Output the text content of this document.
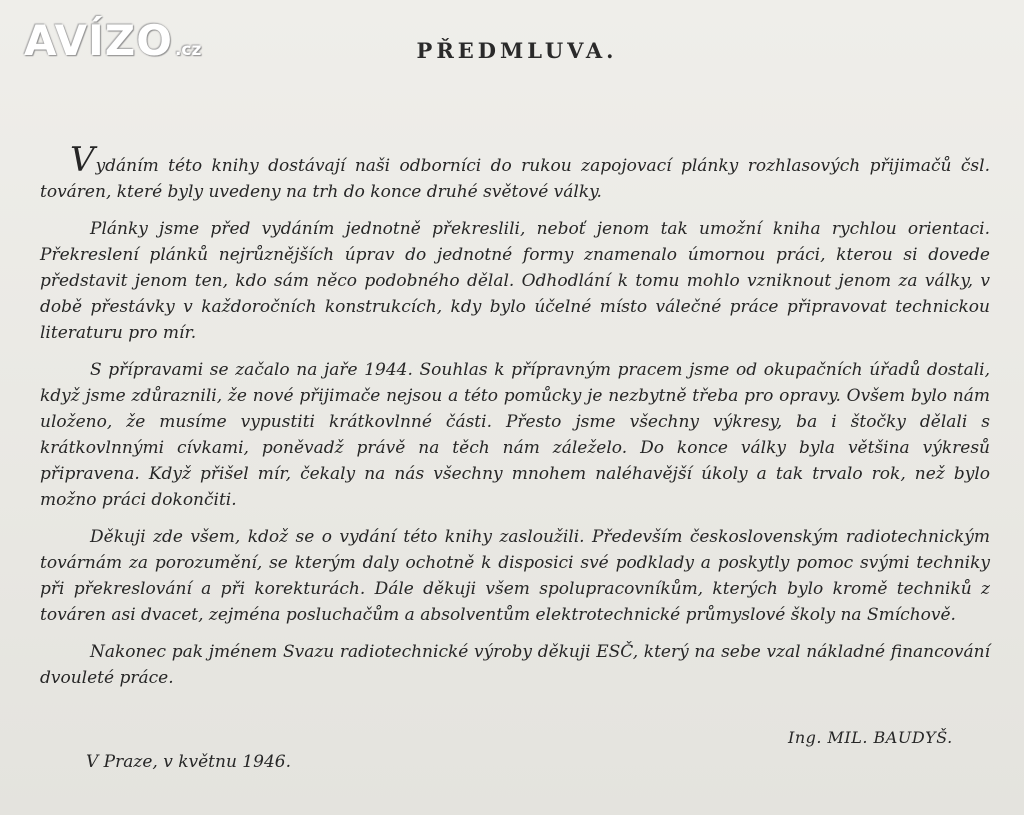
AVÍZO .cz	PŘEDMLUVA.

Vydáním této knihy dostávají naši odborníci do rukou zapojovací plánky rozhlasových přijimačů čsl. továren, které byly uvedeny na trh do konce druhé světové války.

Plánky jsme před vydáním jednotně překreslili, neboť jenom tak umožní kniha rychlou orientaci. Překreslení plánků nejrůznějších úprav do jednotné formy znamenalo úmornou práci, kterou si dovede představit jenom ten, kdo sám něco podobného dělal. Odhodlání k tomu mohlo vzniknout jenom za války, v době přestávky v každoročních konstrukcích, kdy bylo účelné místo válečné práce připravovat technickou literaturu pro mír.

S přípravami se začalo na jaře 1944. Souhlas k přípravným pracem jsme od okupačních úřadů dostali, když jsme zdůraznili, že nové přijimače nejsou a této pomůcky je nezbytně třeba pro opravy. Ovšem bylo nám uloženo, že musíme vypustiti krátkovlnné části. Přesto jsme všechny výkresy, ba i štočky dělali s krátkovlnnými cívkami, poněvadž právě na těch nám záleželo. Do konce války byla většina výkresů připravena. Když přišel mír, čekaly na nás všechny mnohem naléhavější úkoly a tak trvalo rok, než bylo možno práci dokončiti.

Děkuji zde všem, kdož se o vydání této knihy zasloužili. Především československým radiotechnickým továrnám za porozumění, se kterým daly ochotně k disposici své podklady a poskytly pomoc svými techniky při překreslování a při korekturách. Dále děkuji všem spolupracovníkům, kterých bylo kromě techniků z továren asi dvacet, zejména posluchačům a absolventům elektrotechnické průmyslové školy na Smíchově.

Nakonec pak jménem Svazu radiotechnické výroby děkuji ESČ, který na sebe vzal nákladné financování dvouleté práce.

Ing. MIL. BAUDYŠ.
V Praze, v květnu 1946.
